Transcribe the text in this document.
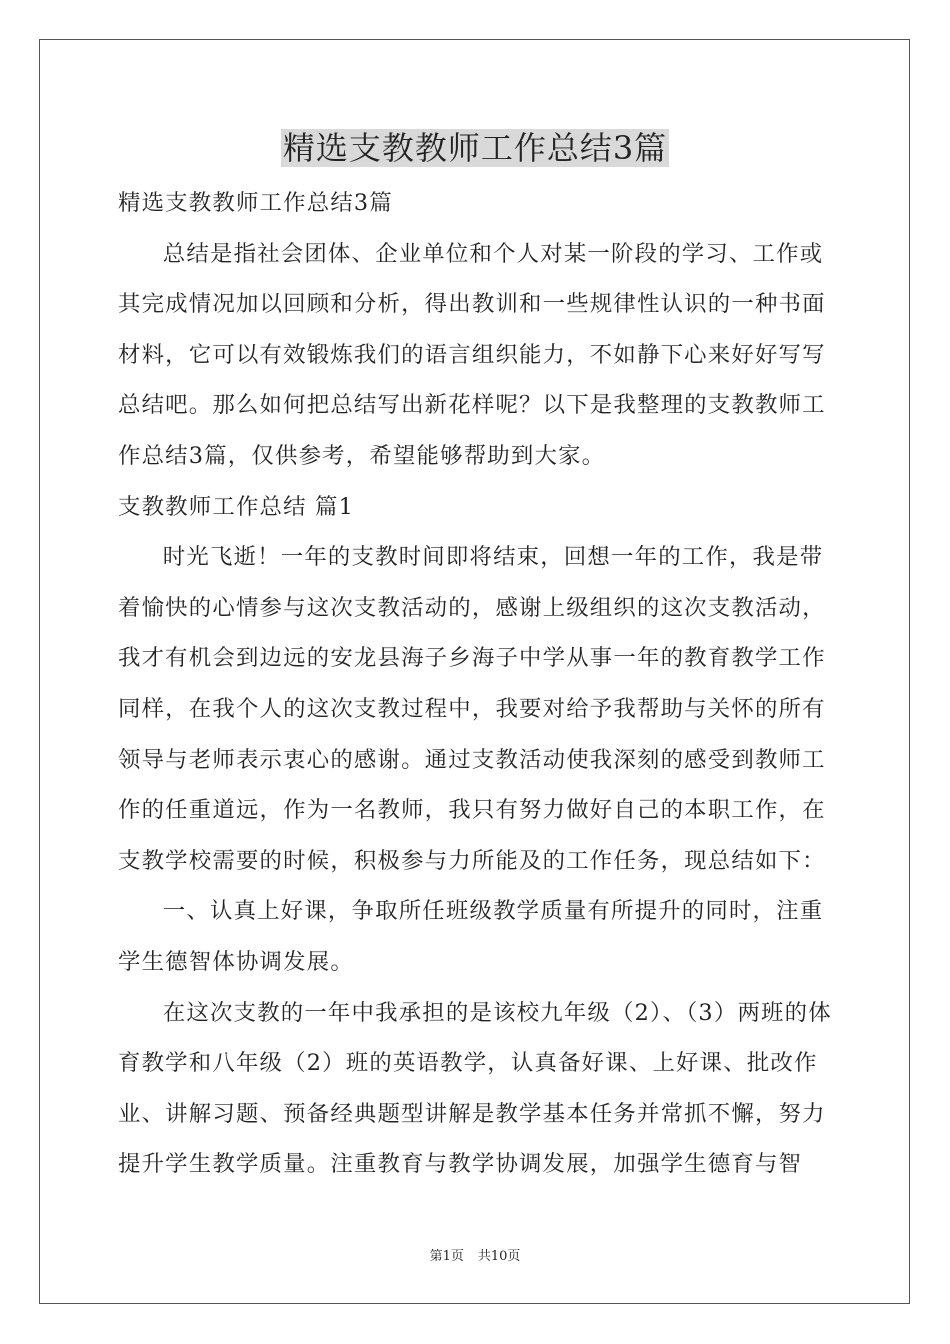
精选支教教师工作总结3篇

精选支教教师工作总结3篇

总结是指社会团体、企业单位和个人对某一阶段的学习、工作或其完成情况加以回顾和分析，得出教训和一些规律性认识的一种书面材料，它可以有效锻炼我们的语言组织能力，不如静下心来好好写写总结吧。那么如何把总结写出新花样呢？以下是我整理的支教教师工作总结3篇，仅供参考，希望能够帮助到大家。

支教教师工作总结 篇1

时光飞逝！一年的支教时间即将结束，回想一年的工作，我是带着愉快的心情参与这次支教活动的，感谢上级组织的这次支教活动，我才有机会到边远的安龙县海子乡海子中学从事一年的教育教学工作同样，在我个人的这次支教过程中，我要对给予我帮助与关怀的所有领导与老师表示衷心的感谢。通过支教活动使我深刻的感受到教师工作的任重道远，作为一名教师，我只有努力做好自己的本职工作，在支教学校需要的时候，积极参与力所能及的工作任务，现总结如下：

一、认真上好课，争取所任班级教学质量有所提升的同时，注重学生德智体协调发展。

在这次支教的一年中我承担的是该校九年级（2）、（3）两班的体育教学和八年级（2）班的英语教学，认真备好课、上好课、批改作业、讲解习题、预备经典题型讲解是教学基本任务并常抓不懈，努力提升学生教学质量。注重教育与教学协调发展，加强学生德育与智

第1页 共10页
